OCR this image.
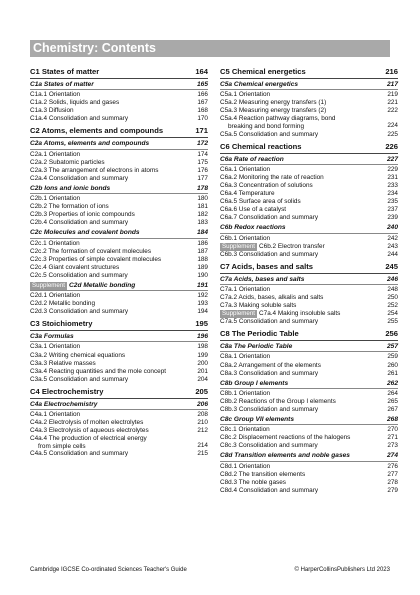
Chemistry: Contents
C1 States of matter	164
C1a States of matter	165
C1a.1 Orientation	166
C1a.2 Solids, liquids and gases	167
C1a.3 Diffusion	168
C1a.4 Consolidation and summary	170
C2 Atoms, elements and compounds	171
C2a Atoms, elements and compounds	172
C2a.1 Orientation	174
C2a.2 Subatomic particles	175
C2a.3 The arrangement of electrons in atoms	176
C2a.4 Consolidation and summary	177
C2b Ions and ionic bonds	178
C2b.1 Orientation	180
C2b.2 The formation of ions	181
C2b.3 Properties of ionic compounds	182
C2b.4 Consolidation and summary	183
C2c Molecules and covalent bonds	184
C2c.1 Orientation	186
C2c.2 The formation of covalent molecules	187
C2c.3 Properties of simple covalent molecules	188
C2c.4 Giant covalent structures	189
C2c.5 Consolidation and summary	190
Supplement C2d Metallic bonding	191
C2d.1 Orientation	192
C2d.2 Metallic bonding	193
C2d.3 Consolidation and summary	194
C3 Stoichiometry	195
C3a Formulas	196
C3a.1 Orientation	198
C3a.2 Writing chemical equations	199
C3a.3 Relative masses	200
C3a.4 Reacting quantities and the mole concept	201
C3a.5 Consolidation and summary	204
C4 Electrochemistry	205
C4a Electrochemistry	206
C4a.1 Orientation	208
C4a.2 Electrolysis of molten electrolytes	210
C4a.3 Electrolysis of aqueous electrolytes	212
C4a.4 The production of electrical energy
from simple cells	214
C4a.5 Consolidation and summary	215
C5 Chemical energetics	216
C5a Chemical energetics	217
C5a.1 Orientation	219
C5a.2 Measuring energy transfers (1)	221
C5a.3 Measuring energy transfers (2)	222
C5a.4 Reaction pathway diagrams, bond
breaking and bond forming	224
C5a.5 Consolidation and summary	225
C6 Chemical reactions	226
C6a Rate of reaction	227
C6a.1 Orientation	229
C6a.2 Monitoring the rate of reaction	231
C6a.3 Concentration of solutions	233
C6a.4 Temperature	234
C6a.5 Surface area of solids	235
C6a.6 Use of a catalyst	237
C6a.7 Consolidation and summary	239
C6b Redox reactions	240
C6b.1 Orientation	242
Supplement C6b.2 Electron transfer	243
C6b.3 Consolidation and summary	244
C7 Acids, bases and salts	245
C7a Acids, bases and salts	246
C7a.1 Orientation	248
C7a.2 Acids, bases, alkalis and salts	250
C7a.3 Making soluble salts	252
Supplement C7a.4 Making insoluble salts	254
C7a.5 Consolidation and summary	255
C8 The Periodic Table	256
C8a The Periodic Table	257
C8a.1 Orientation	259
C8a.2 Arrangement of the elements	260
C8a.3 Consolidation and summary	261
C8b Group I elements	262
C8b.1 Orientation	264
C8b.2 Reactions of the Group I elements	265
C8b.3 Consolidation and summary	267
C8c Group VII elements	268
C8c.1 Orientation	270
C8c.2 Displacement reactions of the halogens	271
C8c.3 Consolidation and summary	273
C8d Transition elements and noble gases	274
C8d.1 Orientation	276
C8d.2 The transition elements	277
C8d.3 The noble gases	278
C8d.4 Consolidation and summary	279
Cambridge IGCSE Co-ordinated Sciences Teacher's Guide	© HarperCollinsPublishers Ltd 2023
